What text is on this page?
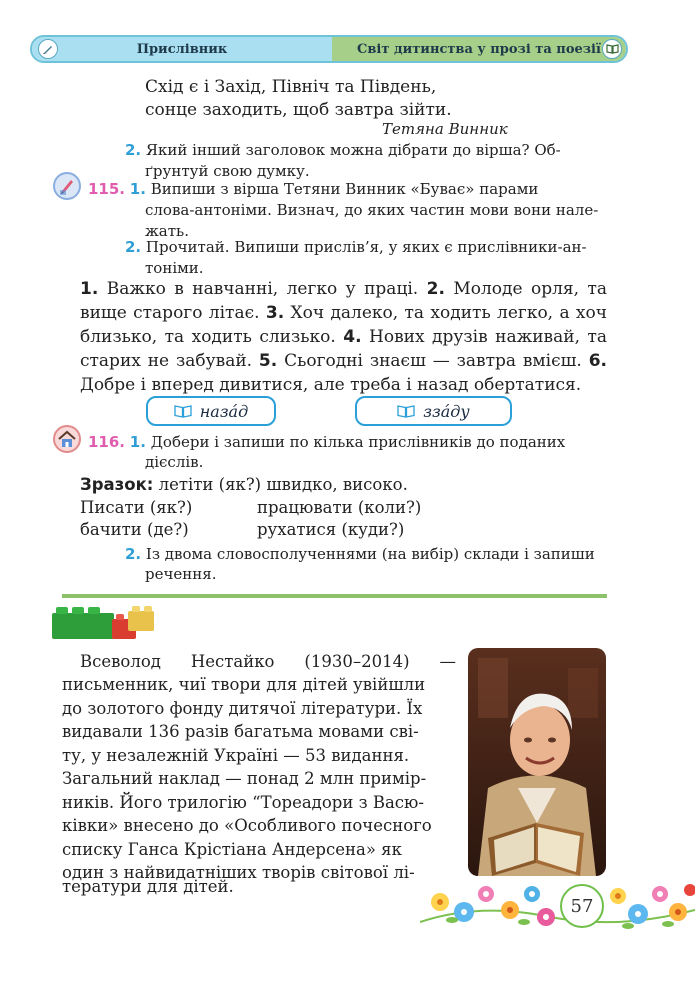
Прислівник	Світ дитинства у прозі та поезії
Схід є і Захід, Північ та Південь,
сонце заходить, щоб завтра зійти.
Тетяна Винник
2. Який інший заголовок можна дібрати до вірша? Об-
ґрунтуй свою думку.
115. 1. Випиши з вірша Тетяни Винник «Буває» парами
слова-антоніми. Визнач, до яких частин мови вони нале-
жать.
2. Прочитай. Випиши прислів’я, у яких є прислівники-ан-
тоніми.
1. Важко в навчанні, легко у праці. 2. Молоде орля, та вище старого літає. 3. Хоч далеко, та ходить легко, а хоч близько, та ходить слизько. 4. Нових друзів наживай, та старих не забувай. 5. Сьогодні знаєш — завтра вмієш. 6. Добре і вперед дивитися, але треба і назад обертатися.
назáд	ззáду
116. 1. Добери і запиши по кілька прислівників до поданих
дієслів.
Зразок: летіти (як?) швидко, високо.
Писати (як?)	працювати (коли?)
бачити (де?)	рухатися (куди?)
2. Із двома словосполученнями (на вибір) склади і запиши
речення.
Всеволод Нестайко (1930–2014) —
письменник, чиї твори для дітей увійшли
до золотого фонду дитячої літератури. Їх
видавали 136 разів багатьма мовами сві-
ту, у незалежній Україні — 53 видання.
Загальний наклад — понад 2 млн примір-
ників. Його трилогію “Тореадори з Васю-
ківки» внесено до «Особливого почесного
списку Ганса Крістіана Андерсена» як
один з найвидатніших творів світової лі-
тератури для дітей.
57
